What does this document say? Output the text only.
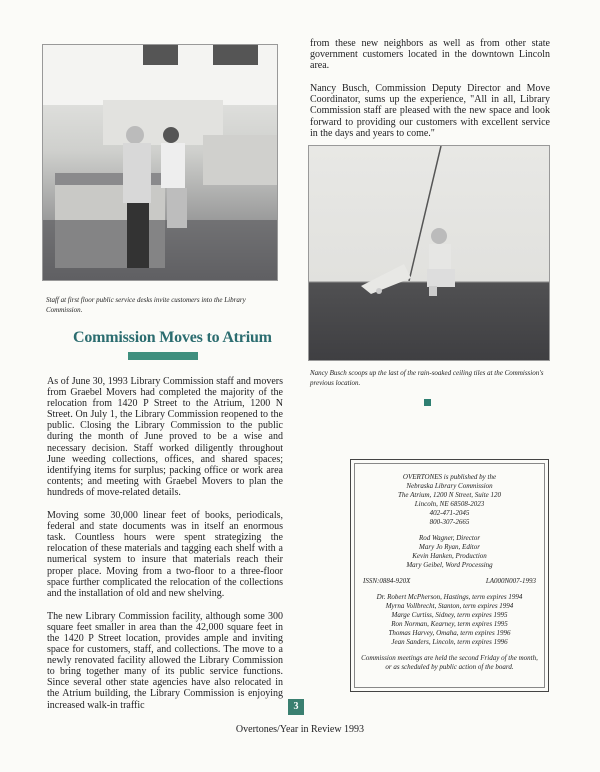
Staff at first floor public service desks invite customers into the Library Commission.
Commission Moves to Atrium

As of June 30, 1993 Library Commission staff and movers from Graebel Movers had completed the majority of the relocation from 1420 P Street to the Atrium, 1200 N Street. On July 1, the Library Commission reopened to the public. Closing the Library Commission to the public during the month of June proved to be a wise and necessary decision. Staff worked diligently throughout June weeding collections, offices, and shared spaces; identifying items for surplus; packing office or work area contents; and meeting with Graebel Movers to plan the hundreds of move-related details.

Moving some 30,000 linear feet of books, periodicals, federal and state documents was in itself an enormous task. Countless hours were spent strategizing the relocation of these materials and tagging each shelf with a numerical system to insure that materials reach their proper place. Moving from a two-floor to a three-floor space further complicated the relocation of the collections and the installation of old and new shelving.

The new Library Commission facility, although some 300 square feet smaller in area than the 42,000 square feet in the 1420 P Street location, provides ample and inviting space for customers, staff, and collections. The move to a newly renovated facility allowed the Library Commission to bring together many of its public service functions. Since several other state agencies have also relocated in the Atrium building, the Library Commission is enjoying increased walk-in traffic

from these new neighbors as well as from other state government customers located in the downtown Lincoln area.

Nancy Busch, Commission Deputy Director and Move Coordinator, sums up the experience, "All in all, Library Commission staff are pleased with the new space and look forward to providing our customers with excellent service in the days and years to come."

Nancy Busch scoops up the last of the rain-soaked ceiling tiles at the Commission's previous location.
OVERTONES is published by the
Nebraska Library Commission
The Atrium, 1200 N Street, Suite 120
Lincoln, NE 68508-2023
402-471-2045
800-307-2665
Rod Wagner, Director
Mary Jo Ryan, Editor
Kevin Hanken, Production
Mary Geibel, Word Processing
ISSN:0884-920X	LA000N007-1993
Dr. Robert McPherson, Hastings, term expires 1994
Myrna Vollbrecht, Stanton, term expires 1994
Marge Curtiss, Sidney, term expires 1995
Ron Norman, Kearney, term expires 1995
Thomas Harvey, Omaha, term expires 1996
Jean Sanders, Lincoln, term expires 1996
Commission meetings are held the second Friday of the month, or as scheduled by public action of the board.
3
Overtones/Year in Review 1993
